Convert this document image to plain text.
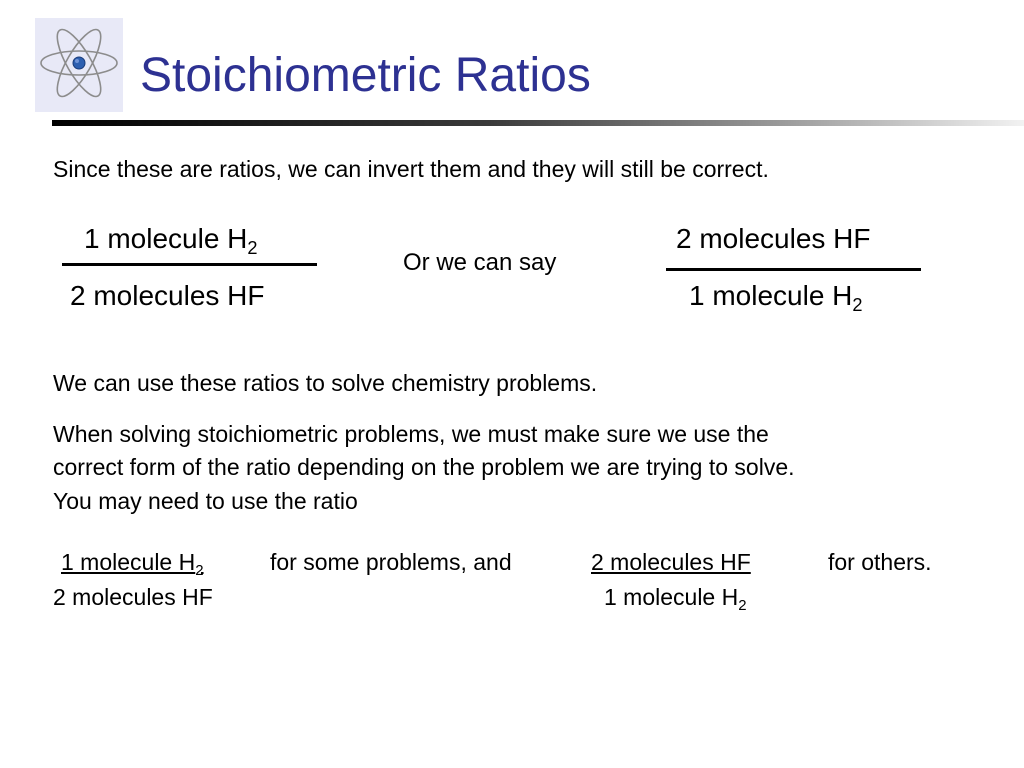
Stoichiometric Ratios
Since these are ratios, we can invert them and they will still be correct.
1 molecule $H_2$
2 molecules HF
Or we can say
2 molecules HF
1 molecule $H_2$
We can use these ratios to solve chemistry problems.
When solving stoichiometric problems, we must make sure we use the
correct form of the ratio depending on the problem we are trying to solve.
You may need to use the ratio
1 molecule $H_2$	for some problems, and	2 molecules HF	for others.
2 molecules HF	1 molecule $H_2$
